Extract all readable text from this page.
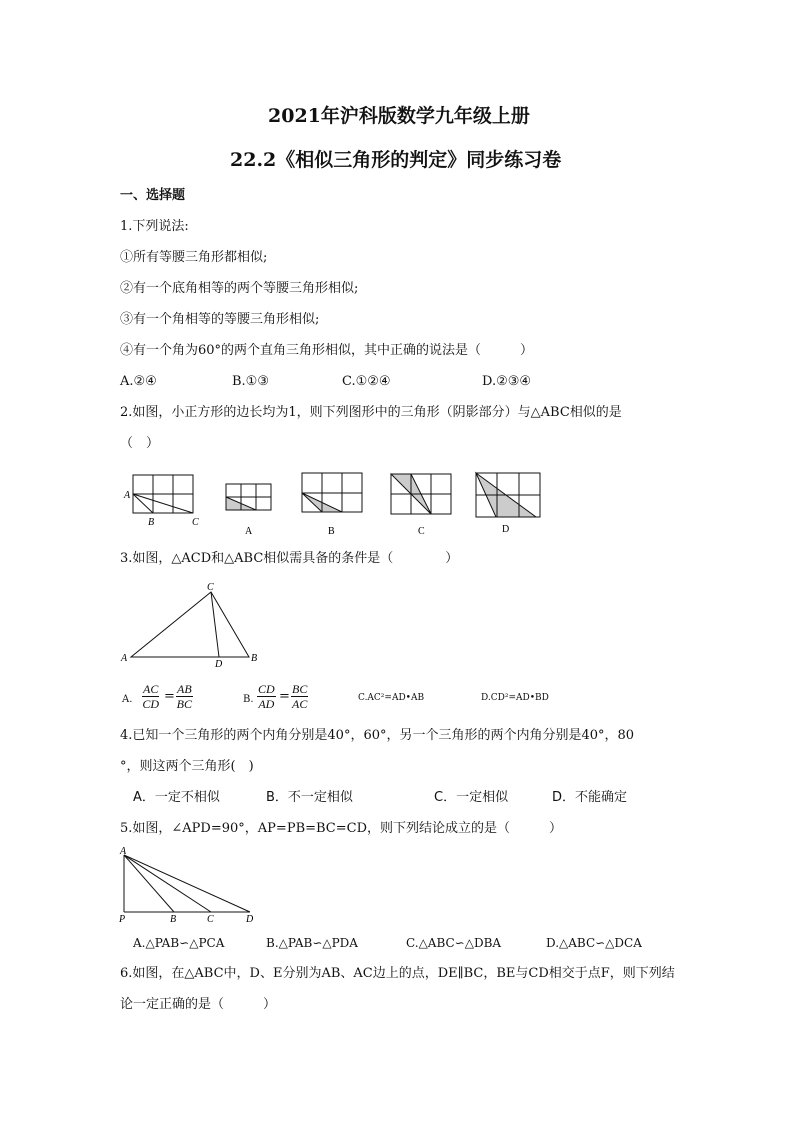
2021年沪科版数学九年级上册
22.2《相似三角形的判定》同步练习卷
一、选择题
1.下列说法:
①所有等腰三角形都相似;
②有一个底角相等的两个等腰三角形相似;
③有一个角相等的等腰三角形相似;
④有一个角为60°的两个直角三角形相似，其中正确的说法是（　　　）
A.②④	B.①③	C.①②④	D.②③④
2.如图，小正方形的边长均为1，则下列图形中的三角形（阴影部分）与△ABC相似的是
（　）
A
B	C
A	B	C	D
C
A	B
D
A
P	B	C	D
3.如图，△ACD和△ABC相似需具备的条件是（　　　　）
A. $\frac{AC}{CD} = \frac{AB}{BC}$	B. $\frac{CD}{AD} = \frac{BC}{AC}$	C.AC²=AD•AB	D.CD²=AD•BD
4.已知一个三角形的两个内角分别是40°，60°，另一个三角形的两个内角分别是40°，80
°，则这两个三角形(　)
A．一定不相似	B．不一定相似	C．一定相似	D．不能确定
5.如图，∠APD=90°，AP=PB=BC=CD，则下列结论成立的是（　　　）
A.△PAB∽△PCA	B.△PAB∽△PDA	C.△ABC∽△DBA	D.△ABC∽△DCA
6.如图，在△ABC中，D、E分别为AB、AC边上的点，DE∥BC，BE与CD相交于点F，则下列结
论一定正确的是（　　　）
